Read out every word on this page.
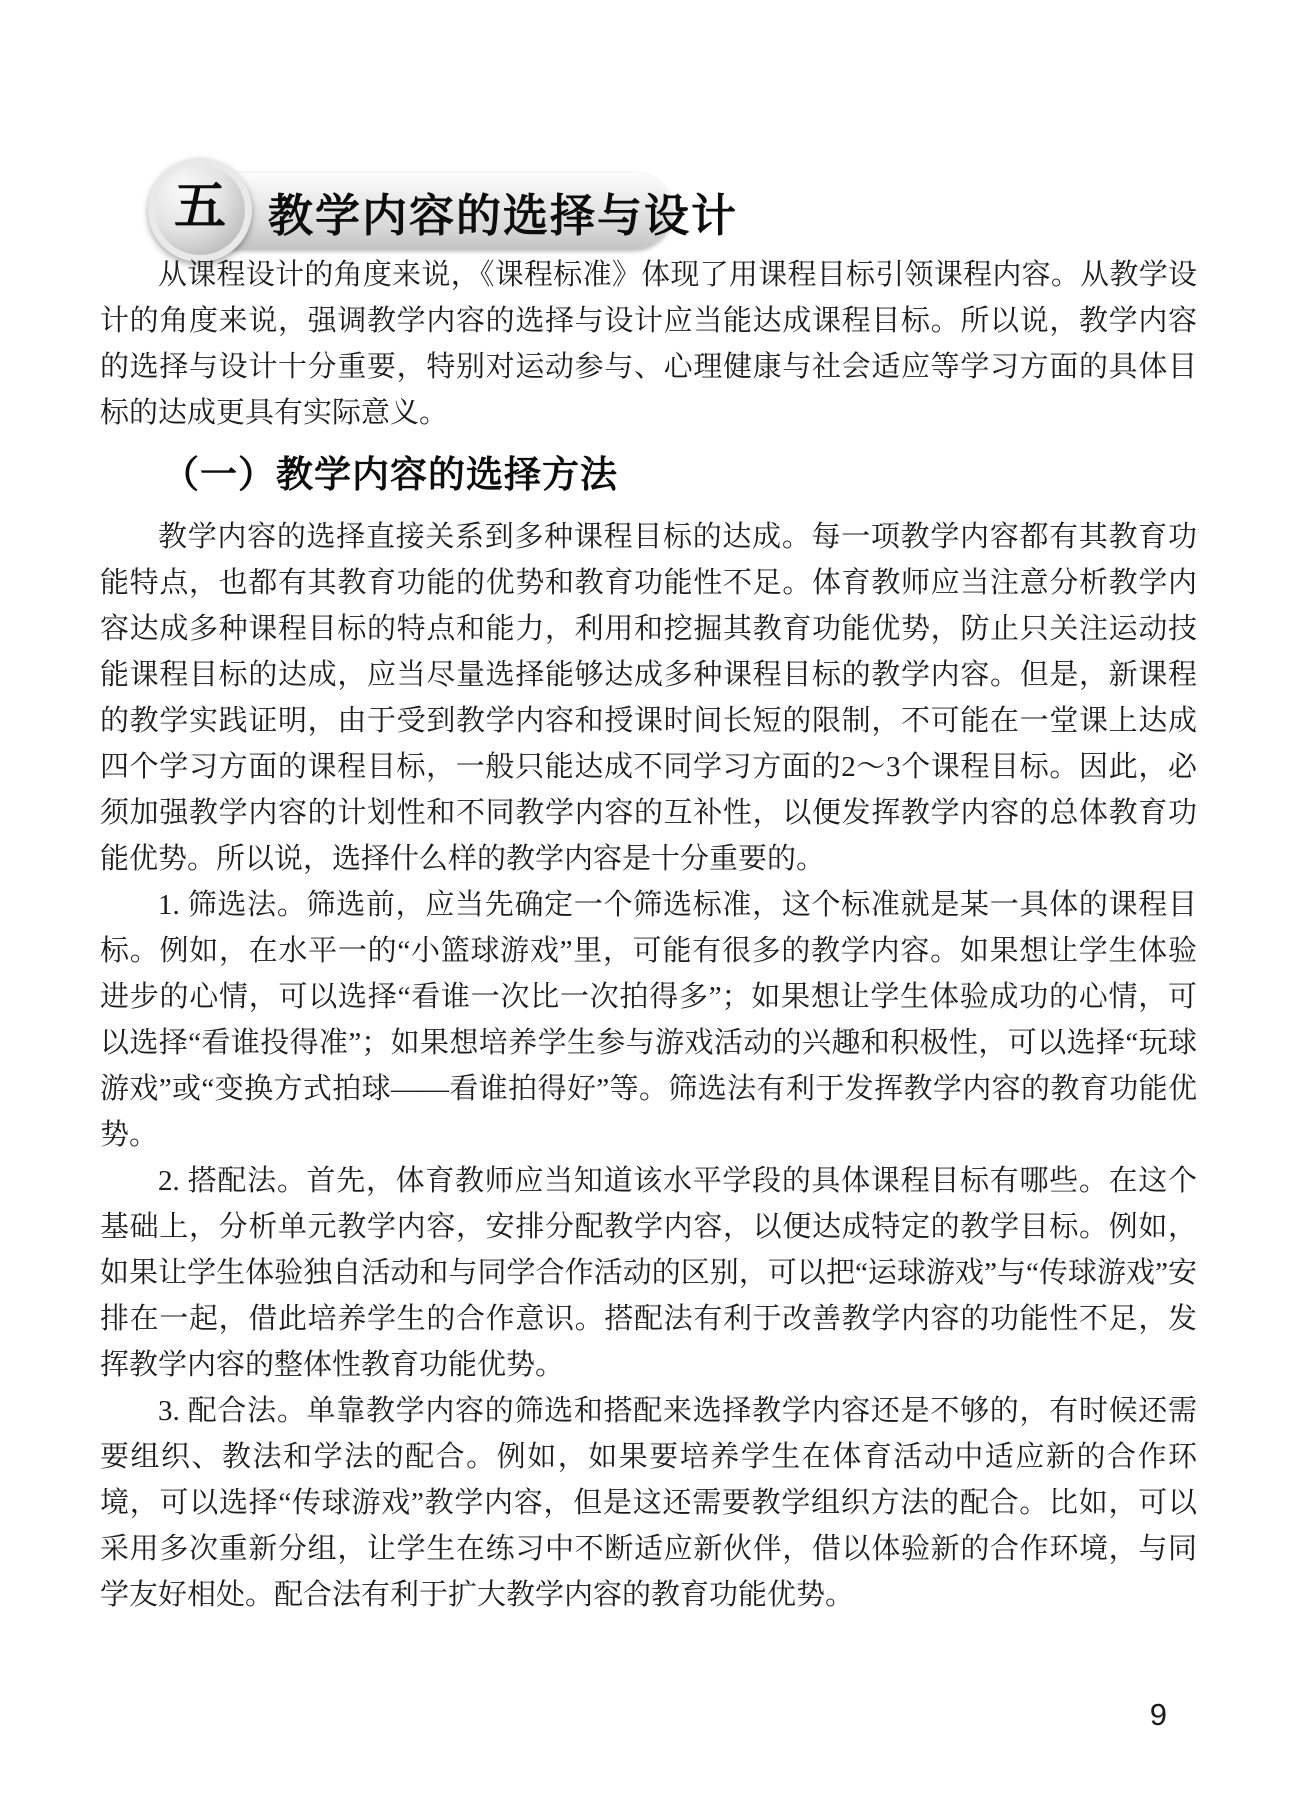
教学内容的选择与设计
五

从课程设计的角度来说，《课程标准》体现了用课程目标引领课程内容。从教学设计的角度来说，强调教学内容的选择与设计应当能达成课程目标。所以说，教学内容的选择与设计十分重要，特别对运动参与、心理健康与社会适应等学习方面的具体目标的达成更具有实际意义。

（一）教学内容的选择方法

教学内容的选择直接关系到多种课程目标的达成。每一项教学内容都有其教育功能特点，也都有其教育功能的优势和教育功能性不足。体育教师应当注意分析教学内容达成多种课程目标的特点和能力，利用和挖掘其教育功能优势，防止只关注运动技能课程目标的达成，应当尽量选择能够达成多种课程目标的教学内容。但是，新课程的教学实践证明，由于受到教学内容和授课时间长短的限制，不可能在一堂课上达成四个学习方面的课程目标，一般只能达成不同学习方面的2～3个课程目标。因此，必须加强教学内容的计划性和不同教学内容的互补性，以便发挥教学内容的总体教育功能优势。所以说，选择什么样的教学内容是十分重要的。

1. 筛选法。筛选前，应当先确定一个筛选标准，这个标准就是某一具体的课程目标。例如，在水平一的“小篮球游戏”里，可能有很多的教学内容。如果想让学生体验进步的心情，可以选择“看谁一次比一次拍得多”；如果想让学生体验成功的心情，可以选择“看谁投得准”；如果想培养学生参与游戏活动的兴趣和积极性，可以选择“玩球游戏”或“变换方式拍球——看谁拍得好”等。筛选法有利于发挥教学内容的教育功能优势。

2. 搭配法。首先，体育教师应当知道该水平学段的具体课程目标有哪些。在这个基础上，分析单元教学内容，安排分配教学内容，以便达成特定的教学目标。例如，如果让学生体验独自活动和与同学合作活动的区别，可以把“运球游戏”与“传球游戏”安排在一起，借此培养学生的合作意识。搭配法有利于改善教学内容的功能性不足，发挥教学内容的整体性教育功能优势。

3. 配合法。单靠教学内容的筛选和搭配来选择教学内容还是不够的，有时候还需要组织、教法和学法的配合。例如，如果要培养学生在体育活动中适应新的合作环境，可以选择“传球游戏”教学内容，但是这还需要教学组织方法的配合。比如，可以采用多次重新分组，让学生在练习中不断适应新伙伴，借以体验新的合作环境，与同学友好相处。配合法有利于扩大教学内容的教育功能优势。

9
